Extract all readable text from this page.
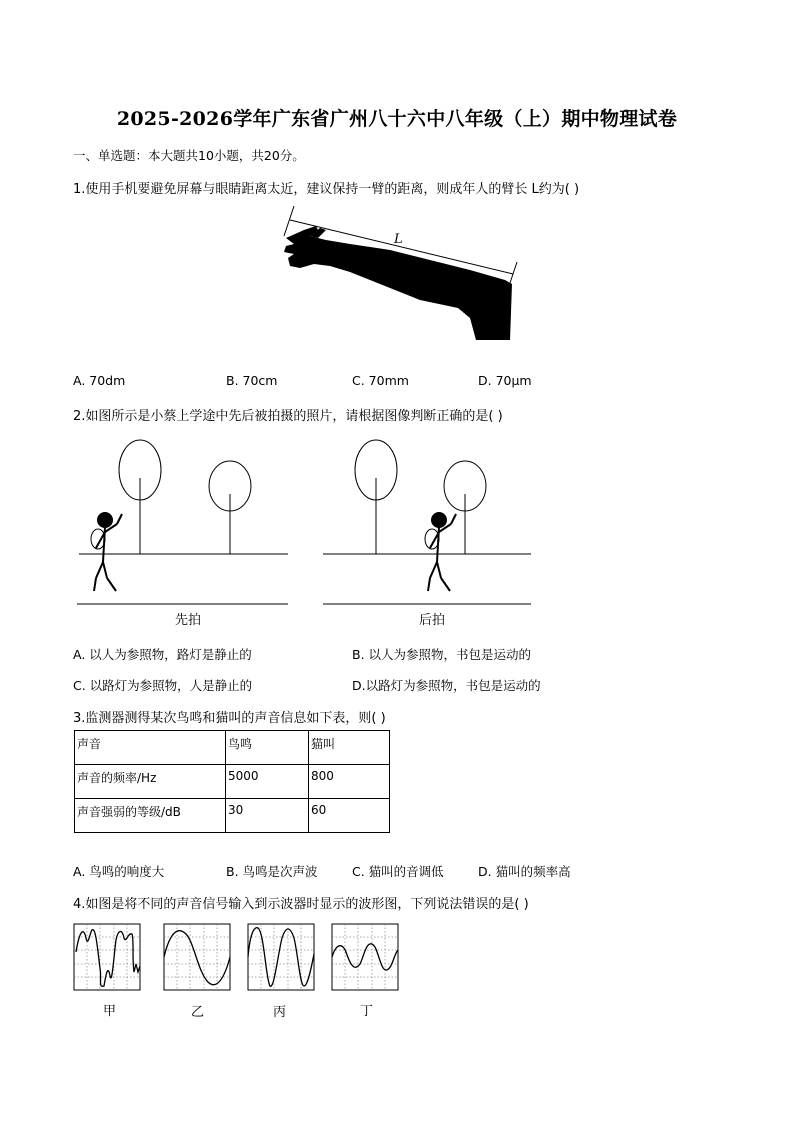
2025-2026学年广东省广州八十六中八年级（上）期中物理试卷
一、单选题：本大题共10小题，共20分。
1.使用手机要避免屏幕与眼睛距离太近，建议保持一臂的距离，则成年人的臂长 L约为( )
L
A. 70dm	B. 70cm	C. 70mm	D. 70μm
2.如图所示是小蔡上学途中先后被拍摄的照片，请根据图像判断正确的是( )
先拍	后拍
A. 以人为参照物，路灯是静止的	B. 以人为参照物，书包是运动的
C. 以路灯为参照物，人是静止的	D.以路灯为参照物，书包是运动的
3.监测器测得某次鸟鸣和猫叫的声音信息如下表，则( )
声音	鸟鸣	猫叫
声音的频率/Hz	5000	800
声音强弱的等级/dB	30	60
A. 鸟鸣的响度大	B. 鸟鸣是次声波	C. 猫叫的音调低	D. 猫叫的频率高
4.如图是将不同的声音信号输入到示波器时显示的波形图，下列说法错误的是( )
甲	乙	丙	丁
